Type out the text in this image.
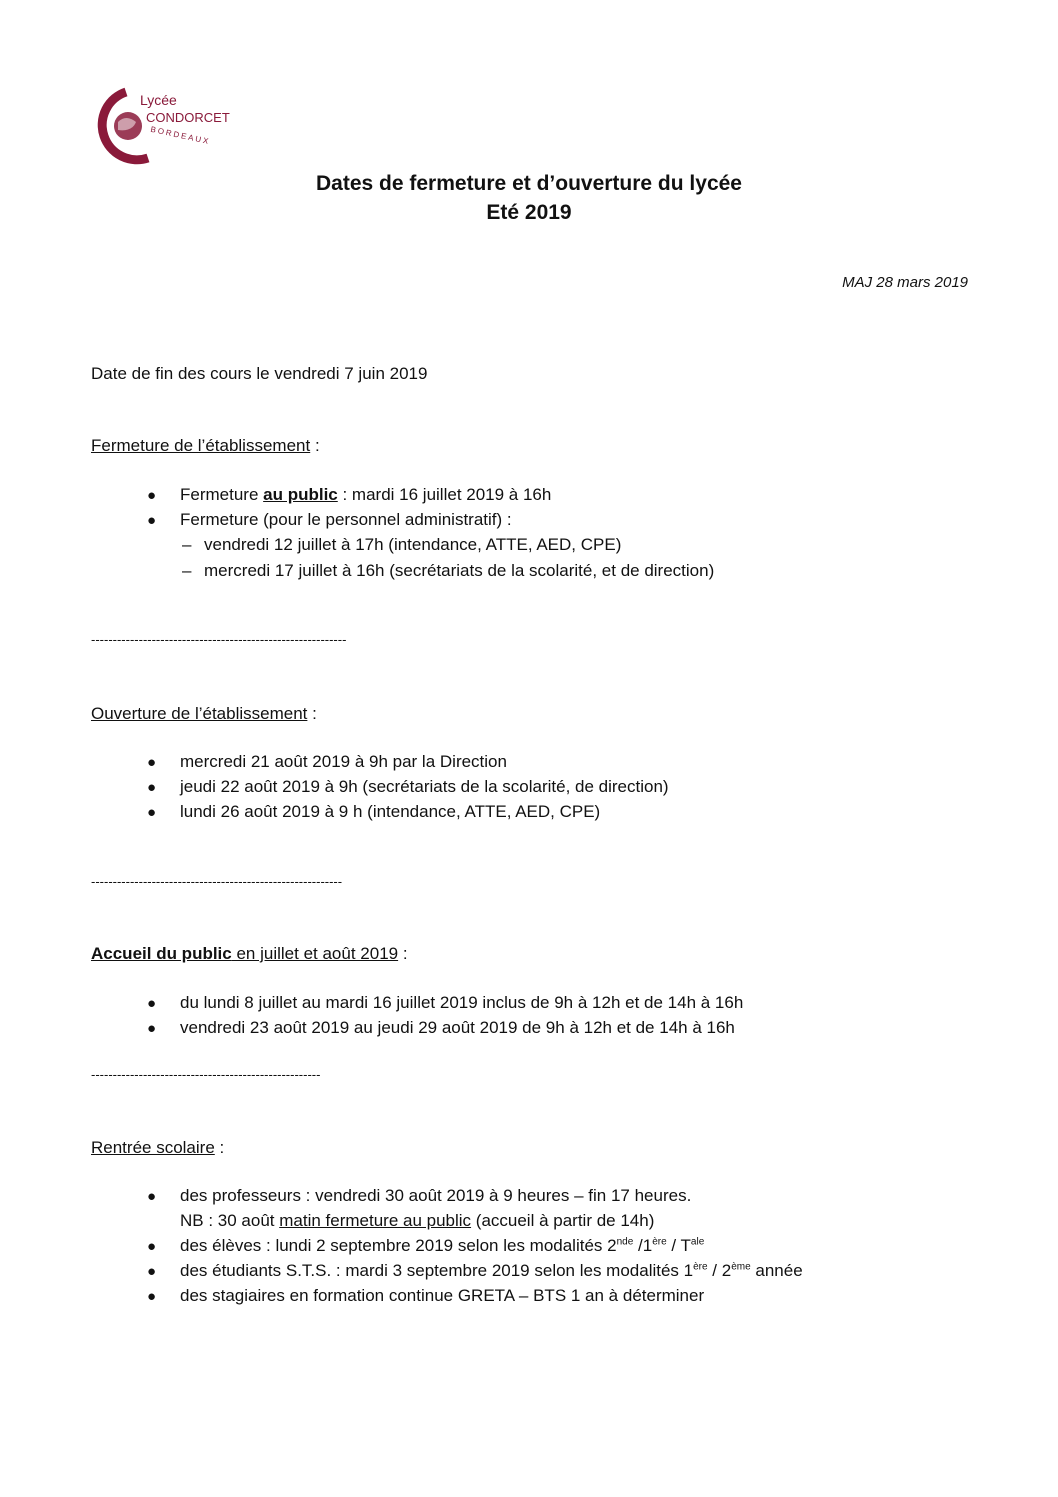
Lycée
CONDORCET
BORDEAUX
Dates de fermeture et d’ouverture du lycée
Eté 2019
MAJ 28 mars 2019
Date de fin des cours le vendredi 7 juin 2019
Fermeture de l’établissement :
● Fermeture au public : mardi 16 juillet 2019 à 16h
● Fermeture (pour le personnel administratif) :
– vendredi 12 juillet à 17h (intendance, ATTE, AED, CPE)
– mercredi 17 juillet à 16h (secrétariats de la scolarité, et de direction)
-----------------------------------------------------------
Ouverture de l’établissement :
● mercredi 21 août 2019 à 9h par la Direction
● jeudi 22 août 2019 à 9h (secrétariats de la scolarité, de direction)
● lundi 26 août 2019 à 9 h (intendance, ATTE, AED, CPE)
----------------------------------------------------------
Accueil du public en juillet et août 2019 :
● du lundi 8 juillet au mardi 16 juillet 2019 inclus de 9h à 12h et de 14h à 16h
● vendredi 23 août 2019 au jeudi 29 août 2019 de 9h à 12h et de 14h à 16h
-----------------------------------------------------
Rentrée scolaire :
● des professeurs : vendredi 30 août 2019 à 9 heures – fin 17 heures.
NB : 30 août matin fermeture au public (accueil à partir de 14h)
● des élèves : lundi 2 septembre 2019 selon les modalités 2nde $/1ère / T^{ale}$
● des étudiants S.T.S. : mardi 3 septembre 2019 selon les modalités 1ère / 2ème année
● des stagiaires en formation continue GRETA – BTS 1 an à déterminer
